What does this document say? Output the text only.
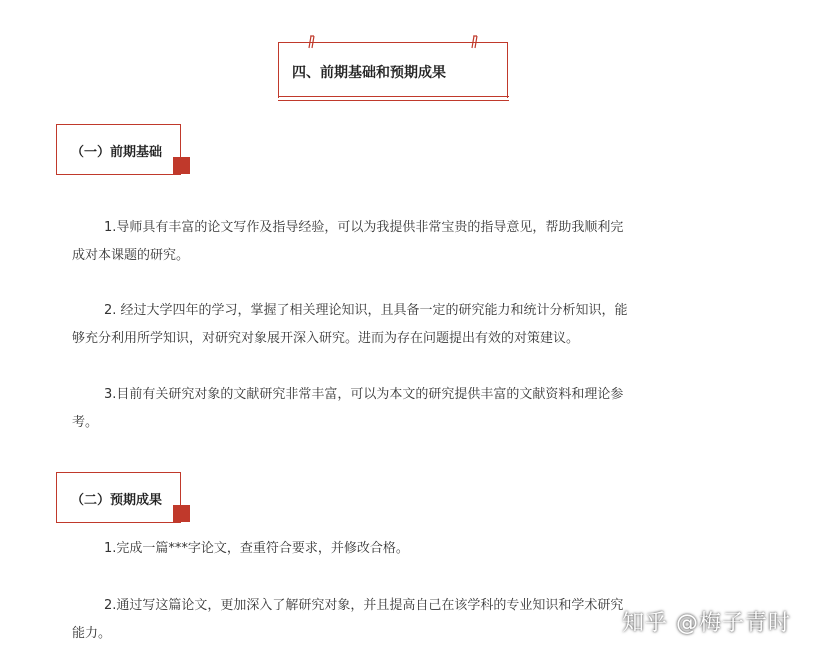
四、前期基础和预期成果
（一）前期基础
1.导师具有丰富的论文写作及指导经验，可以为我提供非常宝贵的指导意见，帮助我顺利完
成对本课题的研究。
2. 经过大学四年的学习，掌握了相关理论知识，且具备一定的研究能力和统计分析知识，能
够充分利用所学知识，对研究对象展开深入研究。进而为存在问题提出有效的对策建议。
3.目前有关研究对象的文献研究非常丰富，可以为本文的研究提供丰富的文献资料和理论参
考。
（二）预期成果
1.完成一篇***字论文，查重符合要求，并修改合格。
2.通过写这篇论文，更加深入了解研究对象，并且提高自己在该学科的专业知识和学术研究
能力。	知乎 @梅子青时
